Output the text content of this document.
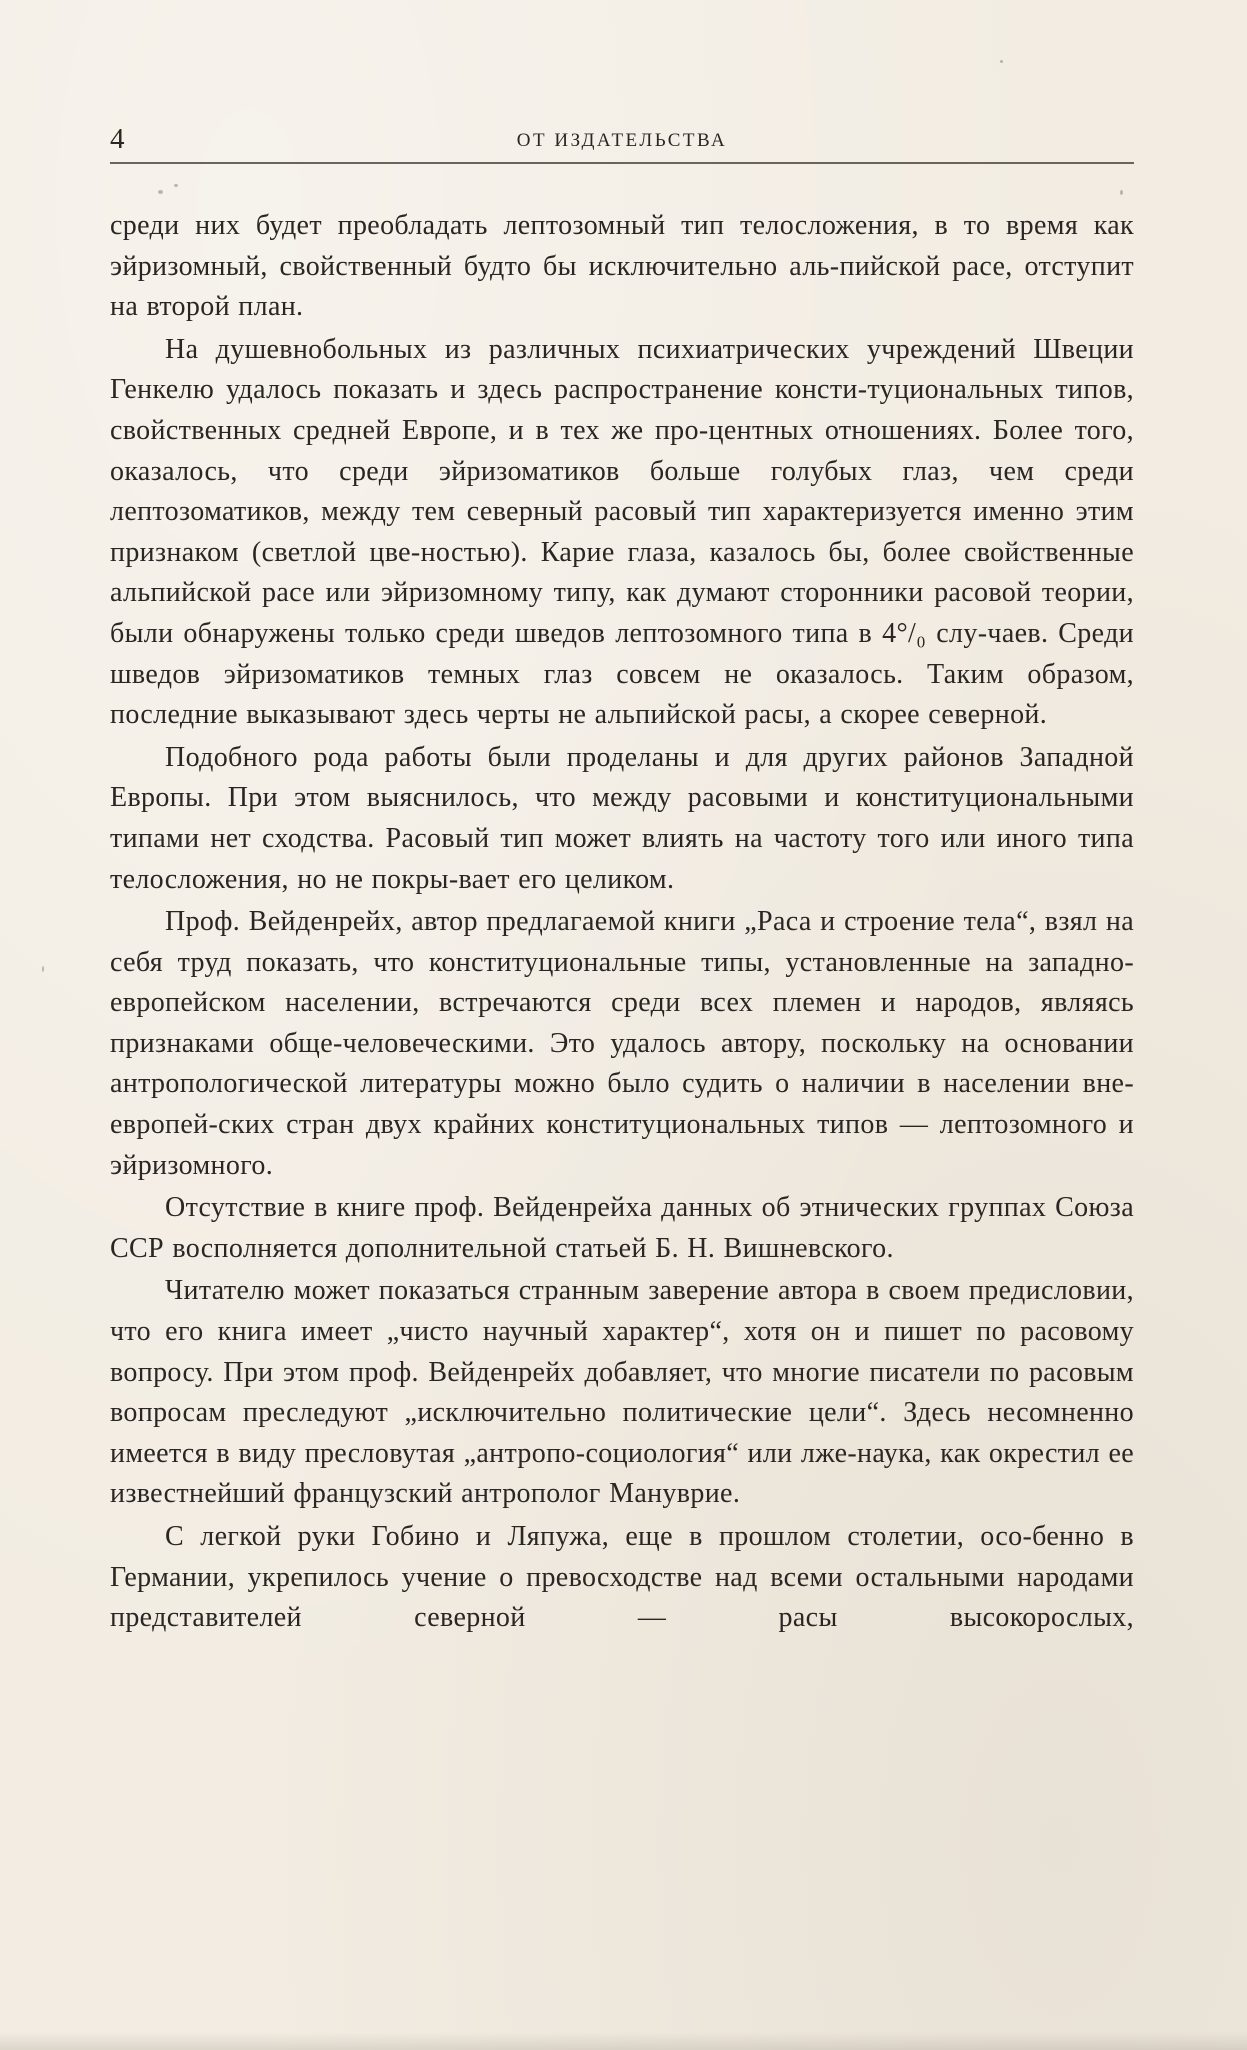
4	ОТ ИЗДАТЕЛЬСТВА

среди них будет преобладать лептозомный тип телосложения, в то время как эйризомный, свойственный будто бы исключительно аль-пийской расе, отступит на второй план.

На душевнобольных из различных психиатрических учреждений Швеции Генкелю удалось показать и здесь распространение консти-туциональных типов, свойственных средней Европе, и в тех же про-центных отношениях. Более того, оказалось, что среди эйризоматиков больше голубых глаз, чем среди лептозоматиков, между тем северный расовый тип характеризуется именно этим признаком (светлой цве-ностью). Карие глаза, казалось бы, более свойственные альпийской расе или эйризомному типу, как думают сторонники расовой теории, были обнаружены только среди шведов лептозомного типа в 4°/₀ слу-чаев. Среди шведов эйризоматиков темных глаз совсем не оказалось. Таким образом, последние выказывают здесь черты не альпийской расы, а скорее северной.

Подобного рода работы были проделаны и для других районов Западной Европы. При этом выяснилось, что между расовыми и конституциональными типами нет сходства. Расовый тип может влиять на частоту того или иного типа телосложения, но не покры-вает его целиком.

Проф. Вейденрейх, автор предлагаемой книги „Раса и строение тела“, взял на себя труд показать, что конституциональные типы, установленные на западно-европейском населении, встречаются среди всех племен и народов, являясь признаками обще-человеческими. Это удалось автору, поскольку на основании антропологической литературы можно было судить о наличии в населении вне-европей-ских стран двух крайних конституциональных типов — лептозомного и эйризомного.

Отсутствие в книге проф. Вейденрейха данных об этнических группах Союза ССР восполняется дополнительной статьей Б. Н. Вишневского.

Читателю может показаться странным заверение автора в своем предисловии, что его книга имеет „чисто научный характер“, хотя он и пишет по расовому вопросу. При этом проф. Вейденрейх добавляет, что многие писатели по расовым вопросам преследуют „исключительно политические цели“. Здесь несомненно имеется в виду пресловутая „антропо-социология“ или лже-наука, как окрестил ее известнейший французский антрополог Мануврие.

С легкой руки Гобино и Ляпужа, еще в прошлом столетии, осо-бенно в Германии, укрепилось учение о превосходстве над всеми остальными народами представителей северной — расы высокорослых,
